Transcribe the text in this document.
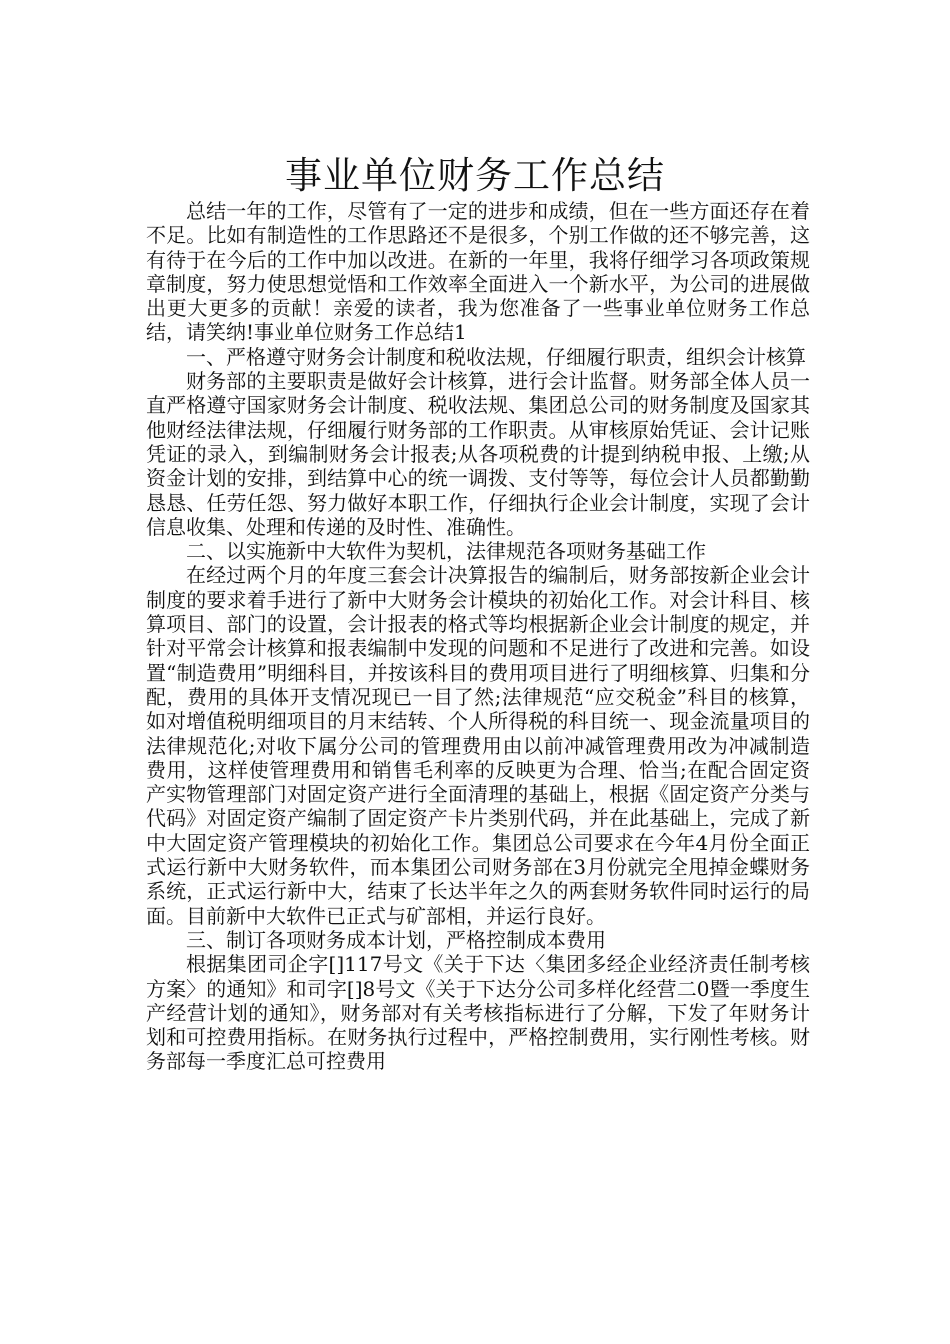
事业单位财务工作总结

总结一年的工作，尽管有了一定的进步和成绩，但在一些方面还存在着不足。比如有制造性的工作思路还不是很多，个别工作做的还不够完善，这有待于在今后的工作中加以改进。在新的一年里，我将仔细学习各项政策规章制度，努力使思想觉悟和工作效率全面进入一个新水平，为公司的进展做出更大更多的贡献！亲爱的读者，我为您准备了一些事业单位财务工作总结，请笑纳!事业单位财务工作总结1

一、严格遵守财务会计制度和税收法规，仔细履行职责，组织会计核算

财务部的主要职责是做好会计核算，进行会计监督。财务部全体人员一直严格遵守国家财务会计制度、税收法规、集团总公司的财务制度及国家其他财经法律法规，仔细履行财务部的工作职责。从审核原始凭证、会计记账凭证的录入，到编制财务会计报表;从各项税费的计提到纳税申报、上缴;从资金计划的安排，到结算中心的统一调拨、支付等等，每位会计人员都勤勤恳恳、任劳任怨、努力做好本职工作，仔细执行企业会计制度，实现了会计信息收集、处理和传递的及时性、准确性。

二、以实施新中大软件为契机，法律规范各项财务基础工作

在经过两个月的年度三套会计决算报告的编制后，财务部按新企业会计制度的要求着手进行了新中大财务会计模块的初始化工作。对会计科目、核算项目、部门的设置，会计报表的格式等均根据新企业会计制度的规定，并针对平常会计核算和报表编制中发现的问题和不足进行了改进和完善。如设置“制造费用”明细科目，并按该科目的费用项目进行了明细核算、归集和分配，费用的具体开支情况现已一目了然;法律规范“应交税金”科目的核算，如对增值税明细项目的月末结转、个人所得税的科目统一、现金流量项目的法律规范化;对收下属分公司的管理费用由以前冲减管理费用改为冲减制造费用，这样使管理费用和销售毛利率的反映更为合理、恰当;在配合固定资产实物管理部门对固定资产进行全面清理的基础上，根据《固定资产分类与代码》对固定资产编制了固定资产卡片类别代码，并在此基础上，完成了新中大固定资产管理模块的初始化工作。集团总公司要求在今年4月份全面正式运行新中大财务软件，而本集团公司财务部在3月份就完全甩掉金蝶财务系统，正式运行新中大，结束了长达半年之久的两套财务软件同时运行的局面。目前新中大软件已正式与矿部相，并运行良好。

三、制订各项财务成本计划，严格控制成本费用

根据集团司企字[]117号文《关于下达〈集团多经企业经济责任制考核方案〉的通知》和司字[]8号文《关于下达分公司多样化经营二0暨一季度生产经营计划的通知》，财务部对有关考核指标进行了分解，下发了年财务计划和可控费用指标。在财务执行过程中，严格控制费用，实行刚性考核。财务部每一季度汇总可控费用
